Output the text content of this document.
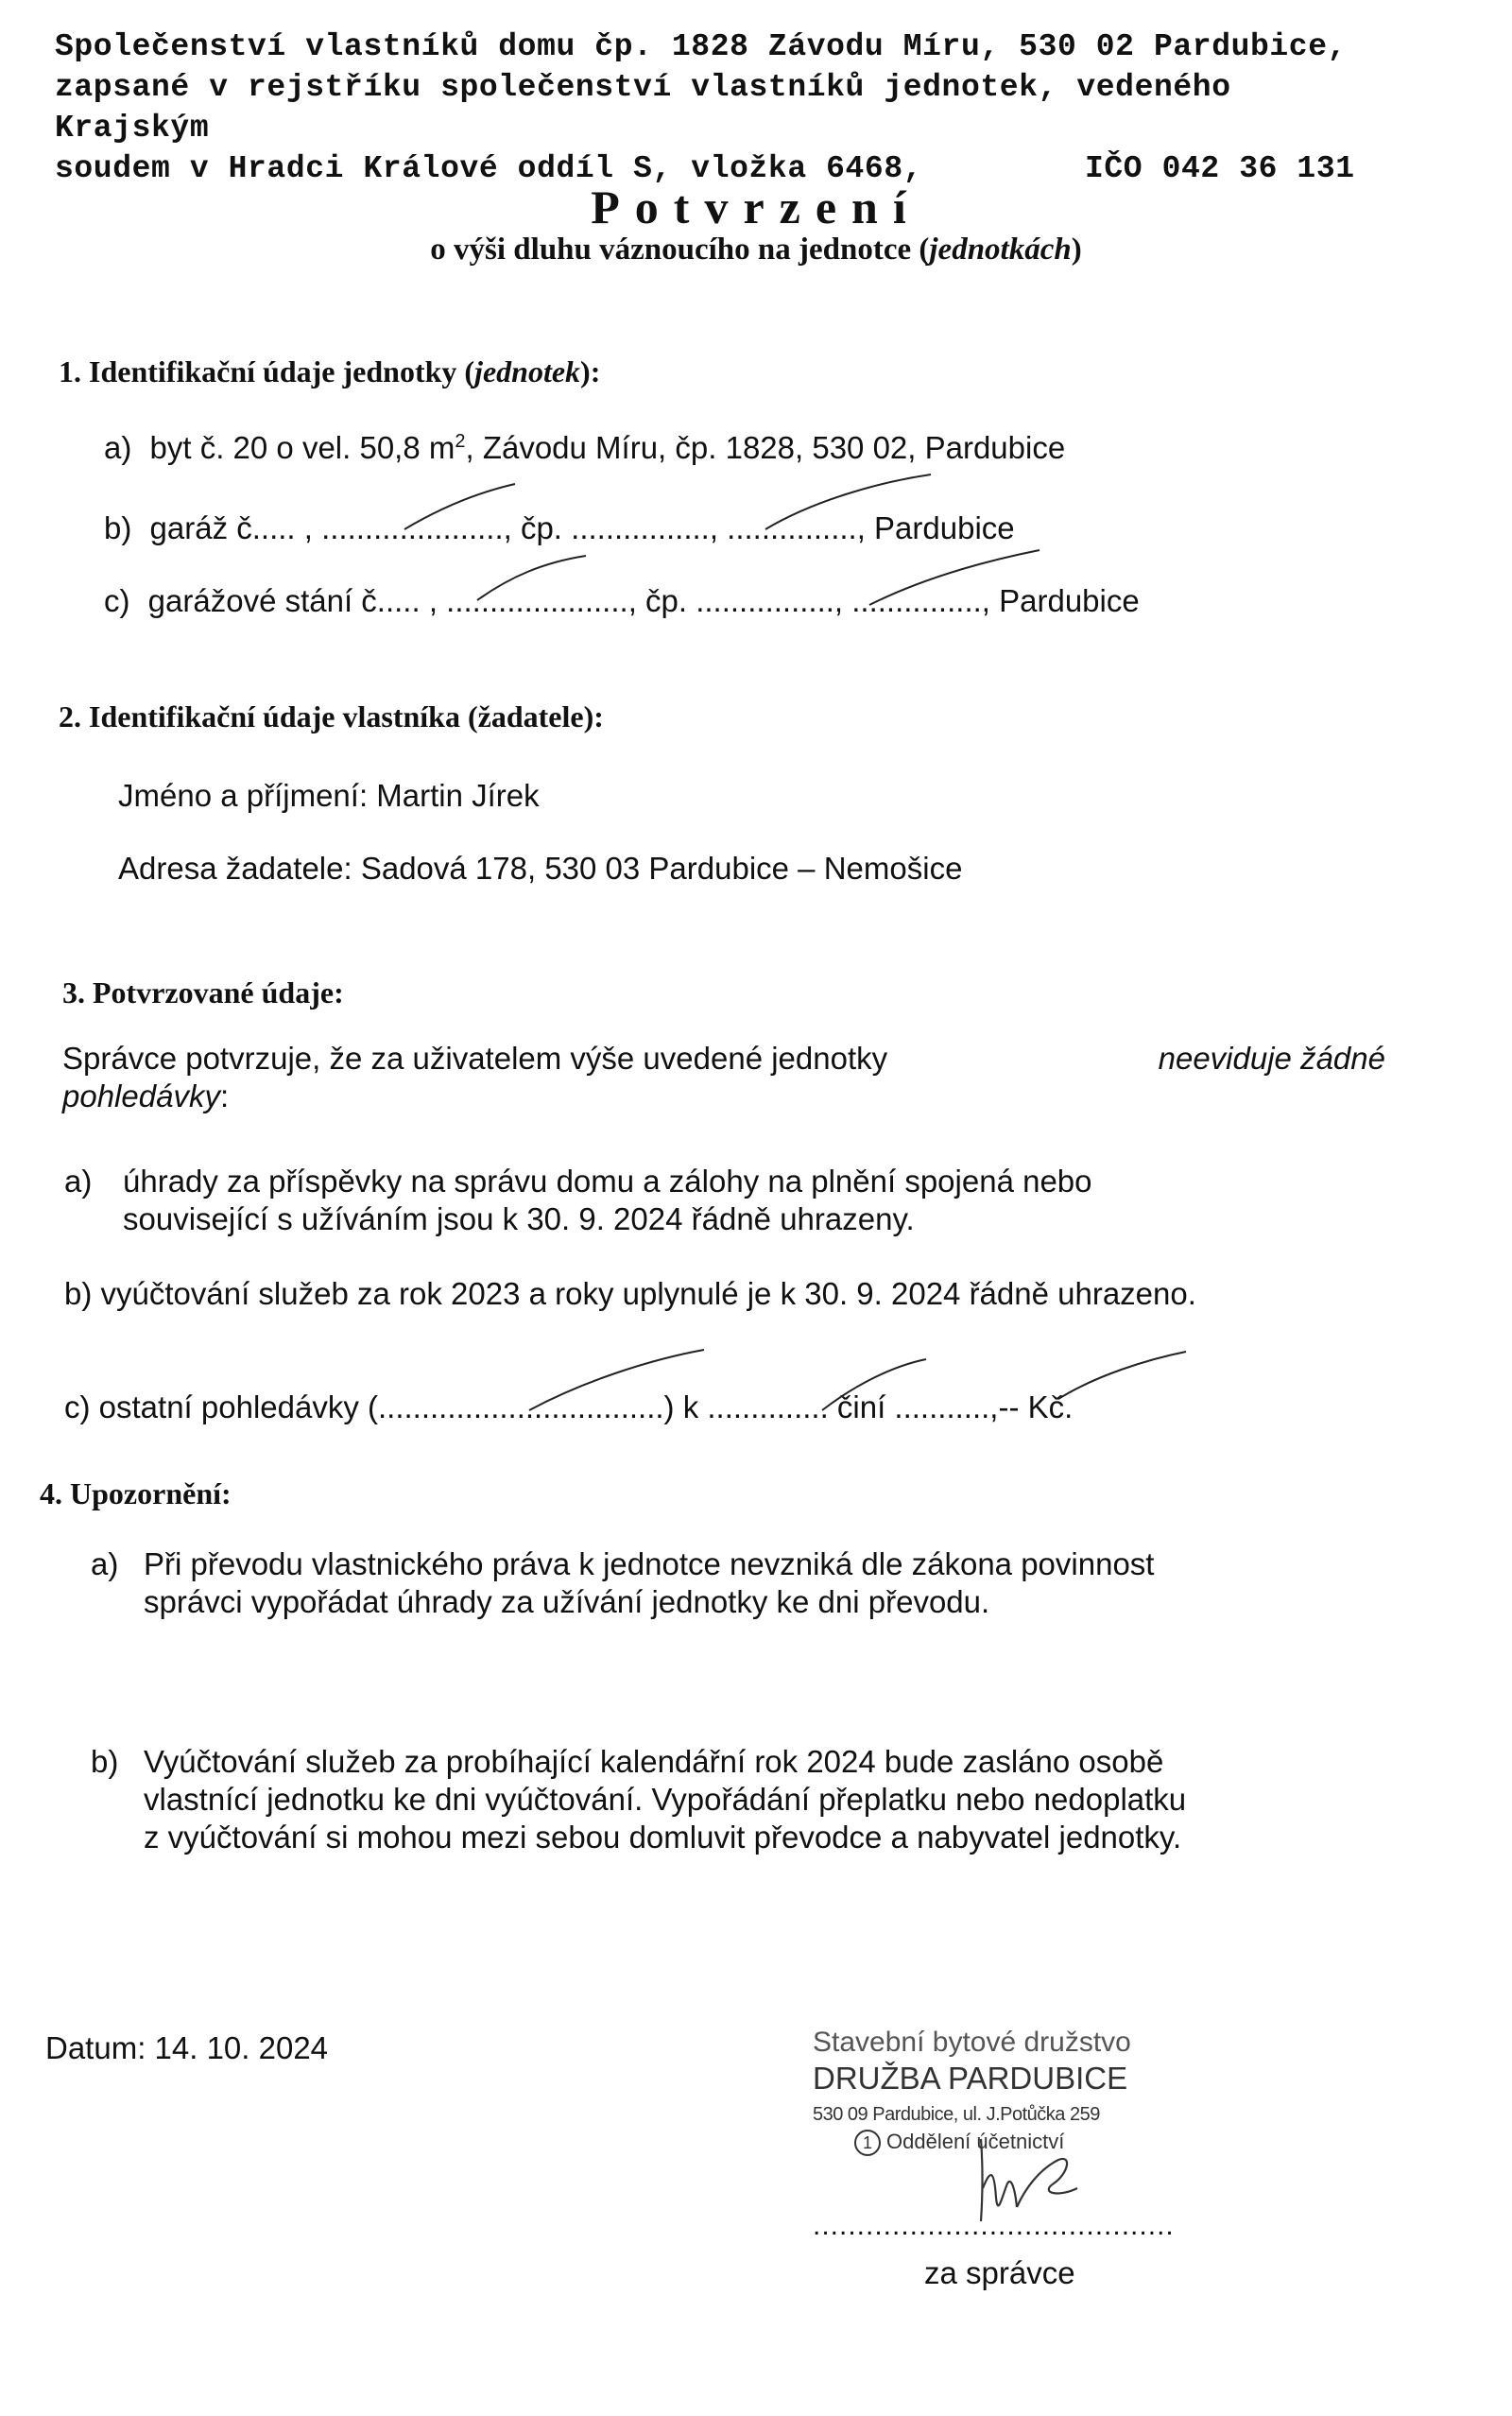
Společenství vlastníků domu čp. 1828 Závodu Míru, 530 02 Pardubice,
zapsané v rejstříku společenství vlastníků jednotek, vedeného Krajským
soudem v Hradci Králové oddíl S, vložka 6468,	IČO 042 36 131
Potvrzení
o výši dluhu váznoucího na jednotce (jednotkách)
1. Identifikační údaje jednotky (jednotek):
a) byt č. 20 o vel. 50,8 $m^2$, Závodu Míru, čp. 1828, 530 02, Pardubice
b) garáž č..... , ....................., čp. ................, ..............., Pardubice
c) garážové stání č..... , ....................., čp. ................, ..............., Pardubice
2. Identifikační údaje vlastníka (žadatele):
Jméno a příjmení: Martin Jírek
Adresa žadatele: Sadová 178, 530 03 Pardubice – Nemošice
3. Potvrzované údaje:
Správce potvrzuje, že za uživatelem výše uvedené jednotky	neeviduje žádné
pohledávky:
a) úhrady za příspěvky na správu domu a zálohy na plnění spojená nebo
související s užíváním jsou k 30. 9. 2024 řádně uhrazeny.
b) vyúčtování služeb za rok 2023 a roky uplynulé je k 30. 9. 2024 řádně uhrazeno.
c) ostatní pohledávky (.................................) k .............. činí ...........,-- Kč.
4. Upozornění:
a) Při převodu vlastnického práva k jednotce nevzniká dle zákona povinnost
správci vypořádat úhrady za užívání jednotky ke dni převodu.
b) Vyúčtování služeb za probíhající kalendářní rok 2024 bude zasláno osobě
vlastnící jednotku ke dni vyúčtování. Vypořádání přeplatku nebo nedoplatku
z vyúčtování si mohou mezi sebou domluvit převodce a nabyvatel jednotky.
Datum: 14. 10. 2024	Stavební bytové družstvo
DRUŽBA PARDUBICE
530 09 Pardubice, ul. J.Potůčka 259
1 Oddělení účetnictví
.........................................
za správce
